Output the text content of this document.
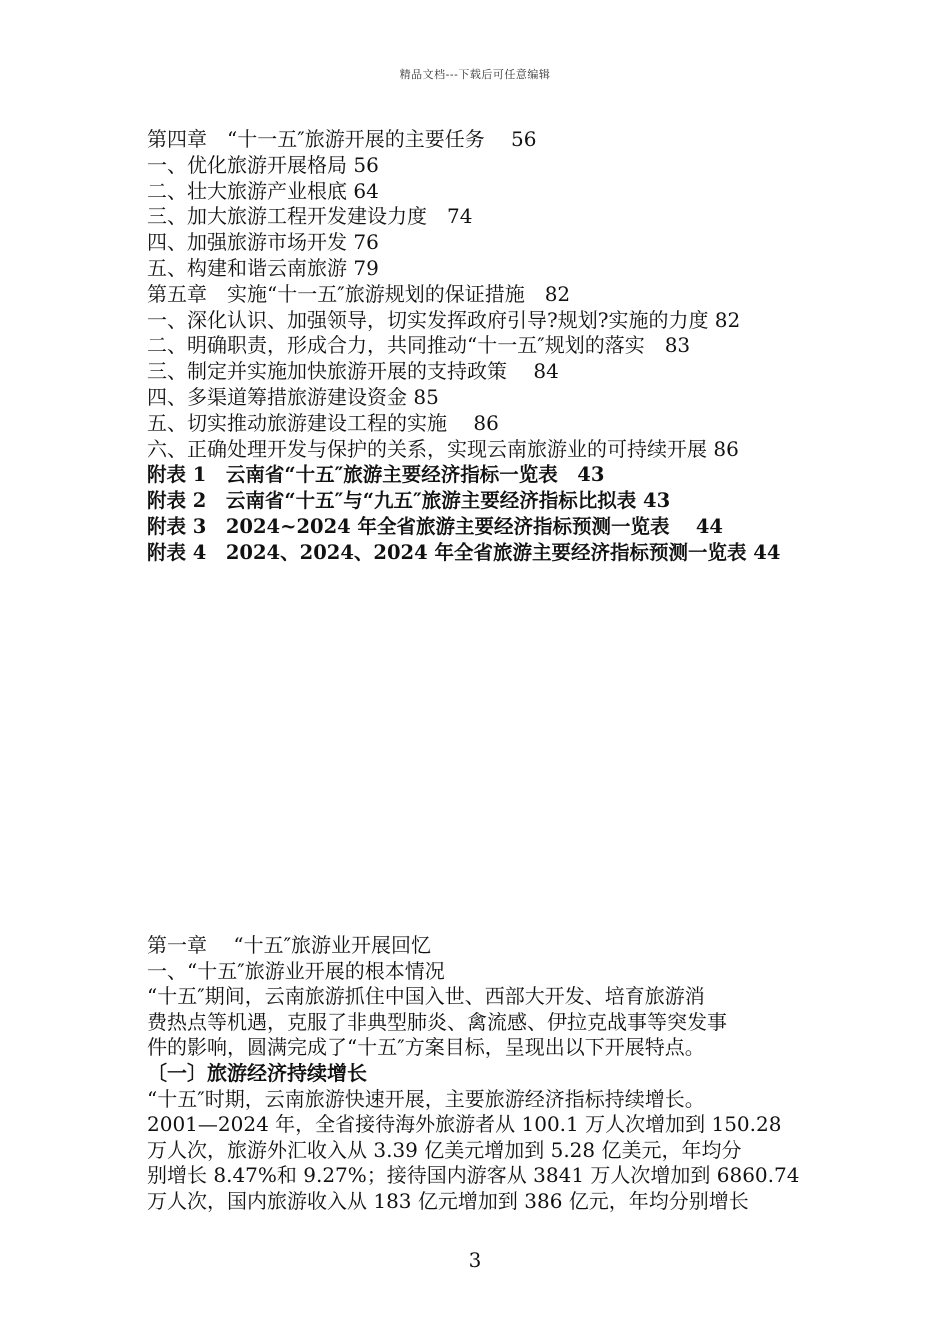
精品文档---下载后可任意编辑
第四章　“十一五″旅游开展的主要任务　 56
一、优化旅游开展格局 56
二、壮大旅游产业根底 64
三、加大旅游工程开发建设力度　74
四、加强旅游市场开发 76
五、构建和谐云南旅游 79
第五章　实施“十一五″旅游规划的保证措施　82
一、深化认识、加强领导，切实发挥政府引导?规划?实施的力度 82
二、明确职责，形成合力，共同推动“十一五″规划的落实　83
三、制定并实施加快旅游开展的支持政策　 84
四、多渠道筹措旅游建设资金 85
五、切实推动旅游建设工程的实施　 86
六、正确处理开发与保护的关系，实现云南旅游业的可持续开展 86
附表 1　云南省“十五″旅游主要经济指标一览表　43
附表 2　云南省“十五″与“九五″旅游主要经济指标比拟表 43
附表 3　2024~2024 年全省旅游主要经济指标预测一览表　 44
附表 4　2024、2024、2024 年全省旅游主要经济指标预测一览表 44
第一章　 “十五″旅游业开展回忆
一、“十五″旅游业开展的根本情况
“十五″期间，云南旅游抓住中国入世、西部大开发、培育旅游消
费热点等机遇，克服了非典型肺炎、禽流感、伊拉克战事等突发事
件的影响，圆满完成了“十五″方案目标，呈现出以下开展特点。
〔一〕旅游经济持续增长
“十五″时期，云南旅游快速开展，主要旅游经济指标持续增长。
2001—2024 年，全省接待海外旅游者从 100.1 万人次增加到 150.28
万人次，旅游外汇收入从 3.39 亿美元增加到 5.28 亿美元，年均分
别增长 8.47%和 9.27%；接待国内游客从 3841 万人次增加到 6860.74
万人次，国内旅游收入从 183 亿元增加到 386 亿元，年均分别增长
3
